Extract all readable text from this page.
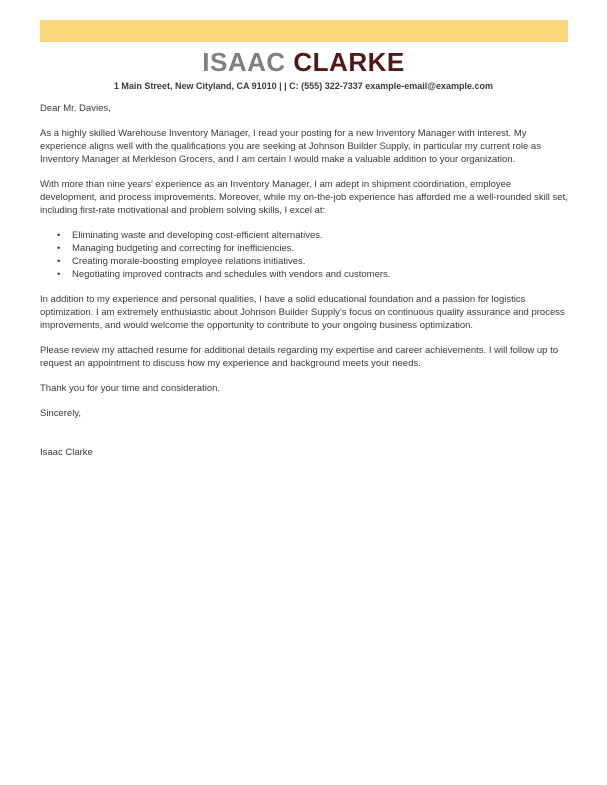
ISAAC CLARKE
1 Main Street, New Cityland, CA 91010 | | C: (555) 322-7337 example-email@example.com

Dear Mr. Davies,

As a highly skilled Warehouse Inventory Manager, I read your posting for a new Inventory Manager with interest. My experience aligns well with the qualifications you are seeking at Johnson Builder Supply, in particular my current role as Inventory Manager at Merkleson Grocers, and I am certain I would make a valuable addition to your organization.

With more than nine years’ experience as an Inventory Manager, I am adept in shipment coordination, employee development, and process improvements. Moreover, while my on-the-job experience has afforded me a well-rounded skill set, including first-rate motivational and problem solving skills, I excel at:

• Eliminating waste and developing cost-efficient alternatives.
• Managing budgeting and correcting for inefficiencies.
• Creating morale-boosting employee relations initiatives.
• Negotiating improved contracts and schedules with vendors and customers.

In addition to my experience and personal qualities, I have a solid educational foundation and a passion for logistics optimization. I am extremely enthusiastic about Johnson Builder Supply’s focus on continuous quality assurance and process improvements, and would welcome the opportunity to contribute to your ongoing business optimization.

Please review my attached resume for additional details regarding my expertise and career achievements. I will follow up to request an appointment to discuss how my experience and background meets your needs.

Thank you for your time and consideration.

Sincerely,

Isaac Clarke
